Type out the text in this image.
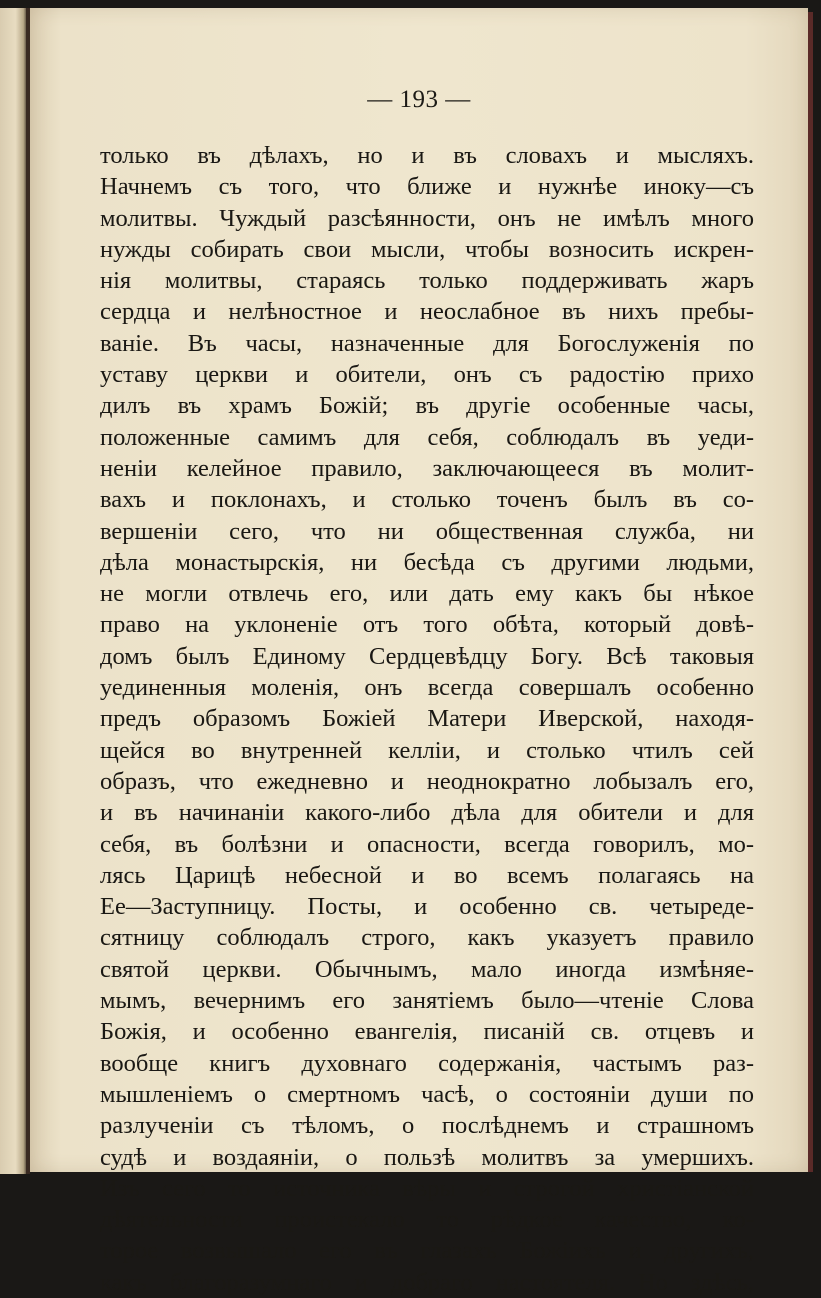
— 193 —
только въ дѣлахъ, но и въ словахъ и мысляхъ.
Начнемъ съ того, что ближе и нужнѣе иноку—съ
молитвы. Чуждый разсѣянности, онъ не имѣлъ много
нужды собирать свои мысли, чтобы возносить искрен-
нія молитвы, стараясь только поддерживать жаръ
сердца и нелѣностное и неослабное въ нихъ пребы-
ваніе. Въ часы, назначенные для Богослуженія по
уставу церкви и обители, онъ съ радостію прихо
дилъ въ храмъ Божій; въ другіе особенные часы,
положенные самимъ для себя, соблюдалъ въ уеди-
неніи келейное правило, заключающееся въ молит-
вахъ и поклонахъ, и столько точенъ былъ въ со-
вершеніи сего, что ни общественная служба, ни
дѣла монастырскія, ни бесѣда съ другими людьми,
не могли отвлечь его, или дать ему какъ бы нѣкое
право на уклоненіе отъ того обѣта, который довѣ-
домъ былъ Единому Сердцевѣдцу Богу. Всѣ таковыя
уединенныя моленія, онъ всегда совершалъ особенно
предъ образомъ Божіей Матери Иверской, находя-
щейся во внутренней келліи, и столько чтилъ сей
образъ, что ежедневно и неоднократно лобызалъ его,
и въ начинаніи какого-либо дѣла для обители и для
себя, въ болѣзни и опасности, всегда говорилъ, мо-
лясь Царицѣ небесной и во всемъ полагаясь на
Ее—Заступницу. Посты, и особенно св. четыреде-
сятницу соблюдалъ строго, какъ указуетъ правило
святой церкви. Обычнымъ, мало иногда измѣняе-
мымъ, вечернимъ его занятіемъ было—чтеніе Слова
Божія, и особенно евангелія, писаній св. отцевъ и
вообще книгъ духовнаго содержанія, частымъ раз-
мышленіемъ о смертномъ часѣ, о состояніи души по
разлученіи съ тѣломъ, о послѣднемъ и страшномъ
судѣ и воздаяніи, о пользѣ молитвъ за умершихъ.
Изъ сего то источника вѣры и строгой христіанской
дѣятельности проистекало то рѣдкое качество, ко-
торое возвышало его въ глазахъ Божіихъ и другихъ,
какъ благоразумнаго и добраго настоятеля. Но здѣсь,
